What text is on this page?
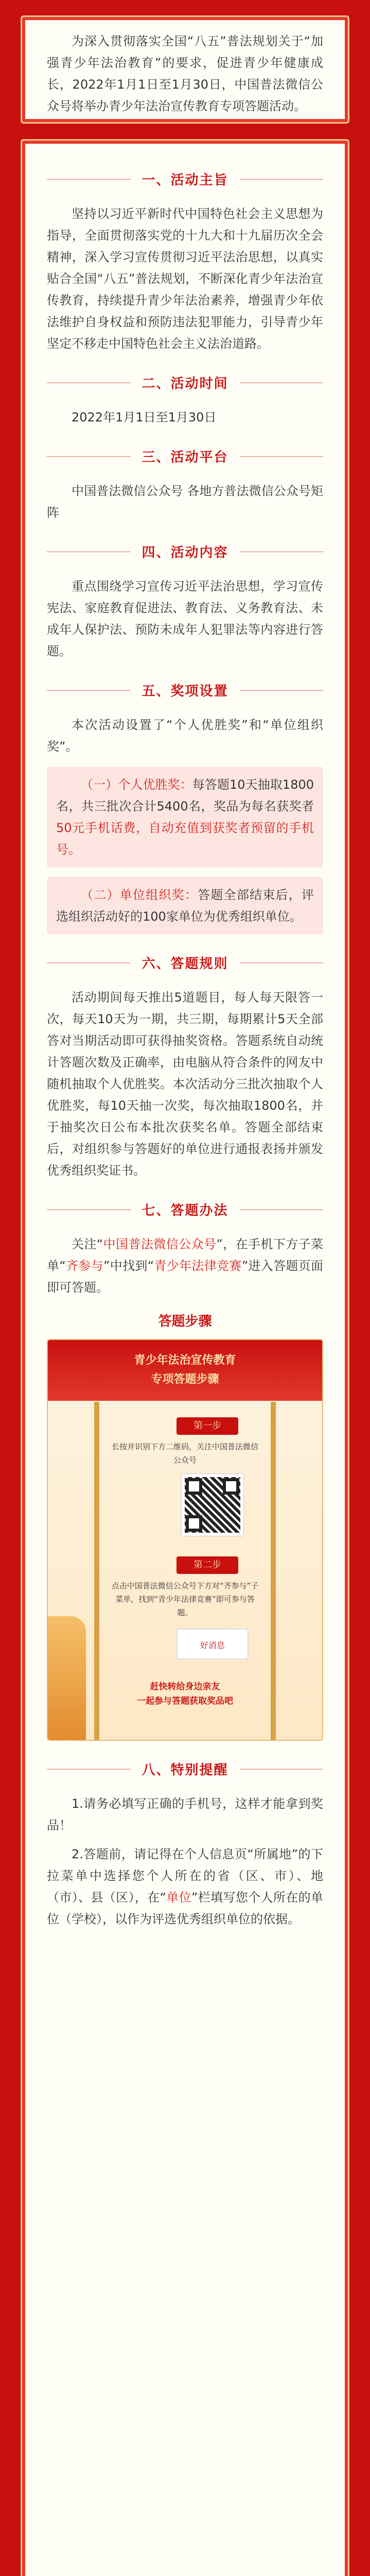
为深入贯彻落实全国“八五”普法规划关于“加强青少年法治教育”的要求，促进青少年健康成长，2022年1月1日至1月30日，中国普法微信公众号将举办青少年法治宣传教育专项答题活动。

一、活动主旨

坚持以习近平新时代中国特色社会主义思想为指导，全面贯彻落实党的十九大和十九届历次全会精神，深入学习宣传贯彻习近平法治思想，以真实贴合全国“八五”普法规划，不断深化青少年法治宣传教育，持续提升青少年法治素养，增强青少年依法维护自身权益和预防违法犯罪能力，引导青少年坚定不移走中国特色社会主义法治道路。

二、活动时间

2022年1月1日至1月30日

三、活动平台

中国普法微信公众号 各地方普法微信公众号矩阵

四、活动内容

重点围绕学习宣传习近平法治思想，学习宣传宪法、家庭教育促进法、教育法、义务教育法、未成年人保护法、预防未成年人犯罪法等内容进行答题。

五、奖项设置

本次活动设置了“个人优胜奖”和“单位组织奖”。

（一）个人优胜奖：每答题10天抽取1800名，共三批次合计5400名，奖品为每名获奖者50元手机话费，自动充值到获奖者预留的手机号。

（二）单位组织奖：答题全部结束后，评选组织活动好的100家单位为优秀组织单位。

六、答题规则

活动期间每天推出5道题目，每人每天限答一次，每天10天为一期，共三期，每期累计5天全部答对当期活动即可获得抽奖资格。答题系统自动统计答题次数及正确率，由电脑从符合条件的网友中随机抽取个人优胜奖。本次活动分三批次抽取个人优胜奖，每10天抽一次奖，每次抽取1800名，并于抽奖次日公布本批次获奖名单。答题全部结束后，对组织参与答题好的单位进行通报表扬并颁发优秀组织奖证书。

七、答题办法

关注“中国普法微信公众号”，在手机下方子菜单“齐参与”中找到“青少年法律竞赛”进入答题页面即可答题。

答题步骤
青少年法治宣传教育
专项答题步骤
第一步
长按并识别下方二维码，关注中国普法微信公众号
第二步
点击中国普法微信公众号下方对“齐参与”子菜单，找到“青少年法律竞赛”即可参与答题。
好消息
赶快转给身边亲友
一起参与答题获取奖品吧
八、特别提醒

1.请务必填写正确的手机号，这样才能拿到奖品！

2.答题前，请记得在个人信息页“所属地”的下拉菜单中选择您个人所在的省（区、市）、地（市）、县（区），在“单位”栏填写您个人所在的单位（学校），以作为评选优秀组织单位的依据。
